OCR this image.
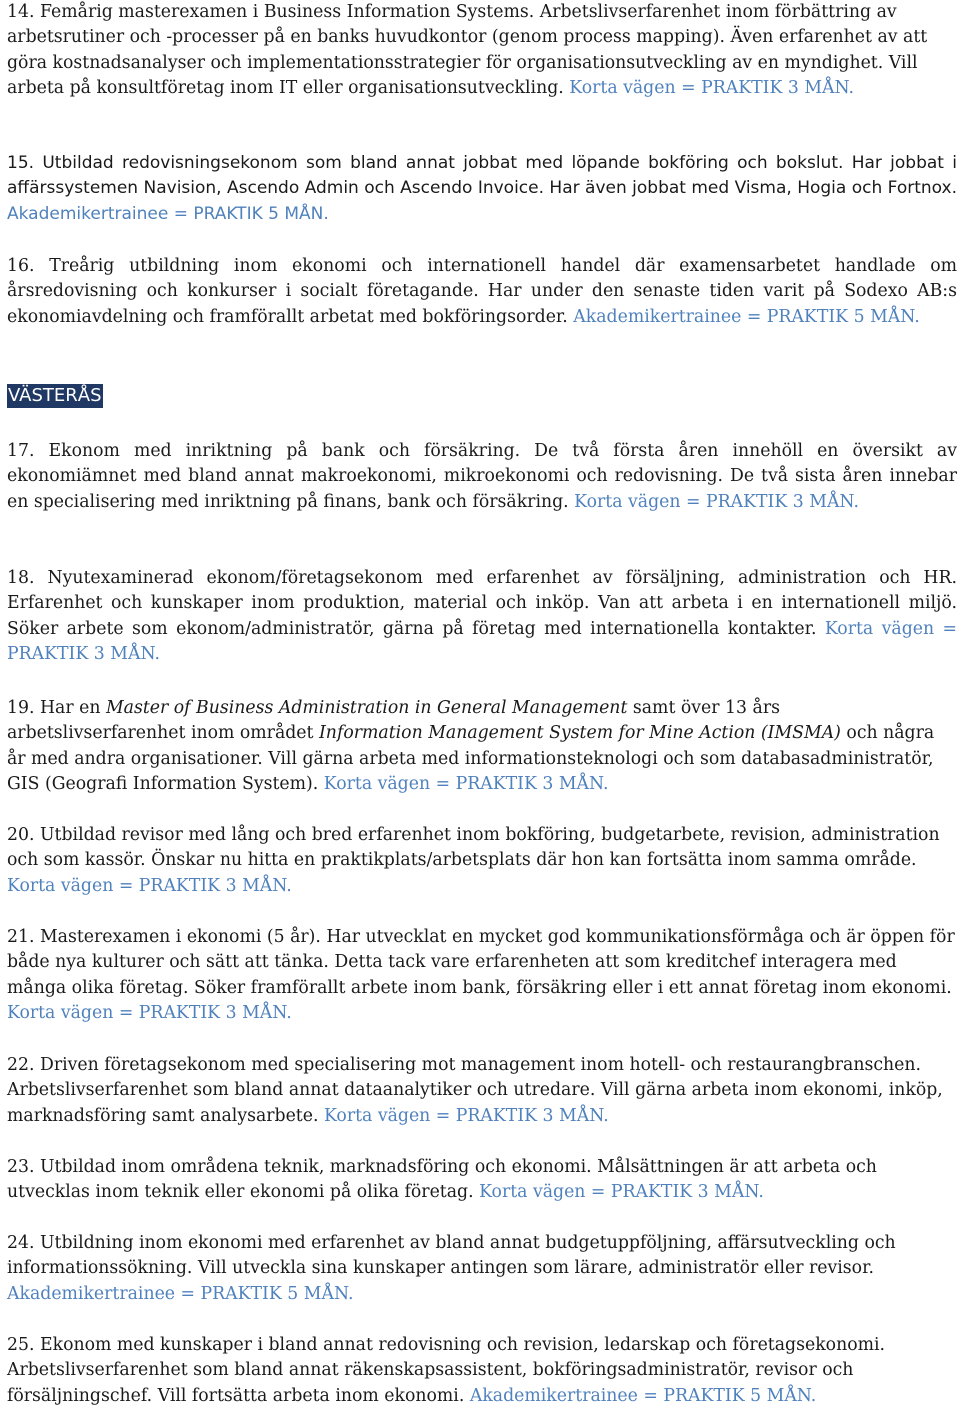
14. Femårig masterexamen i Business Information Systems. Arbetslivserfarenhet inom förbättring av arbetsrutiner och -processer på en banks huvudkontor (genom process mapping). Även erfarenhet av att göra kostnadsanalyser och implementationsstrategier för organisationsutveckling av en myndighet. Vill arbeta på konsultföretag inom IT eller organisationsutveckling. Korta vägen = PRAKTIK 3 MÅN.

15. Utbildad redovisningsekonom som bland annat jobbat med löpande bokföring och bokslut. Har jobbat i affärssystemen Navision, Ascendo Admin och Ascendo Invoice. Har även jobbat med Visma, Hogia och Fortnox. Akademikertrainee = PRAKTIK 5 MÅN.

16. Treårig utbildning inom ekonomi och internationell handel där examensarbetet handlade om årsredovisning och konkurser i socialt företagande. Har under den senaste tiden varit på Sodexo AB:s ekonomiavdelning och framförallt arbetat med bokföringsorder. Akademikertrainee = PRAKTIK 5 MÅN.

VÄSTERÅS

17. Ekonom med inriktning på bank och försäkring. De två första åren innehöll en översikt av ekonomiämnet med bland annat makroekonomi, mikroekonomi och redovisning. De två sista åren innebar en specialisering med inriktning på finans, bank och försäkring. Korta vägen = PRAKTIK 3 MÅN.

18. Nyutexaminerad ekonom/företagsekonom med erfarenhet av försäljning, administration och HR. Erfarenhet och kunskaper inom produktion, material och inköp. Van att arbeta i en internationell miljö. Söker arbete som ekonom/administratör, gärna på företag med internationella kontakter. Korta vägen = PRAKTIK 3 MÅN.

19. Har en Master of Business Administration in General Management samt över 13 års arbetslivserfarenhet inom området Information Management System for Mine Action (IMSMA) och några år med andra organisationer. Vill gärna arbeta med informationsteknologi och som databasadministratör, GIS (Geografi Information System). Korta vägen = PRAKTIK 3 MÅN.

20. Utbildad revisor med lång och bred erfarenhet inom bokföring, budgetarbete, revision, administration och som kassör. Önskar nu hitta en praktikplats/arbetsplats där hon kan fortsätta inom samma område. Korta vägen = PRAKTIK 3 MÅN.

21. Masterexamen i ekonomi (5 år). Har utvecklat en mycket god kommunikationsförmåga och är öppen för både nya kulturer och sätt att tänka. Detta tack vare erfarenheten att som kreditchef interagera med många olika företag. Söker framförallt arbete inom bank, försäkring eller i ett annat företag inom ekonomi. Korta vägen = PRAKTIK 3 MÅN.

22. Driven företagsekonom med specialisering mot management inom hotell- och restaurangbranschen. Arbetslivserfarenhet som bland annat dataanalytiker och utredare. Vill gärna arbeta inom ekonomi, inköp, marknadsföring samt analysarbete. Korta vägen = PRAKTIK 3 MÅN.

23. Utbildad inom områdena teknik, marknadsföring och ekonomi. Målsättningen är att arbeta och utvecklas inom teknik eller ekonomi på olika företag. Korta vägen = PRAKTIK 3 MÅN.

24. Utbildning inom ekonomi med erfarenhet av bland annat budgetuppföljning, affärsutveckling och informationssökning. Vill utveckla sina kunskaper antingen som lärare, administratör eller revisor. Akademikertrainee = PRAKTIK 5 MÅN.

25. Ekonom med kunskaper i bland annat redovisning och revision, ledarskap och företagsekonomi. Arbetslivserfarenhet som bland annat räkenskapsassistent, bokföringsadministratör, revisor och försäljningschef. Vill fortsätta arbeta inom ekonomi. Akademikertrainee = PRAKTIK 5 MÅN.
